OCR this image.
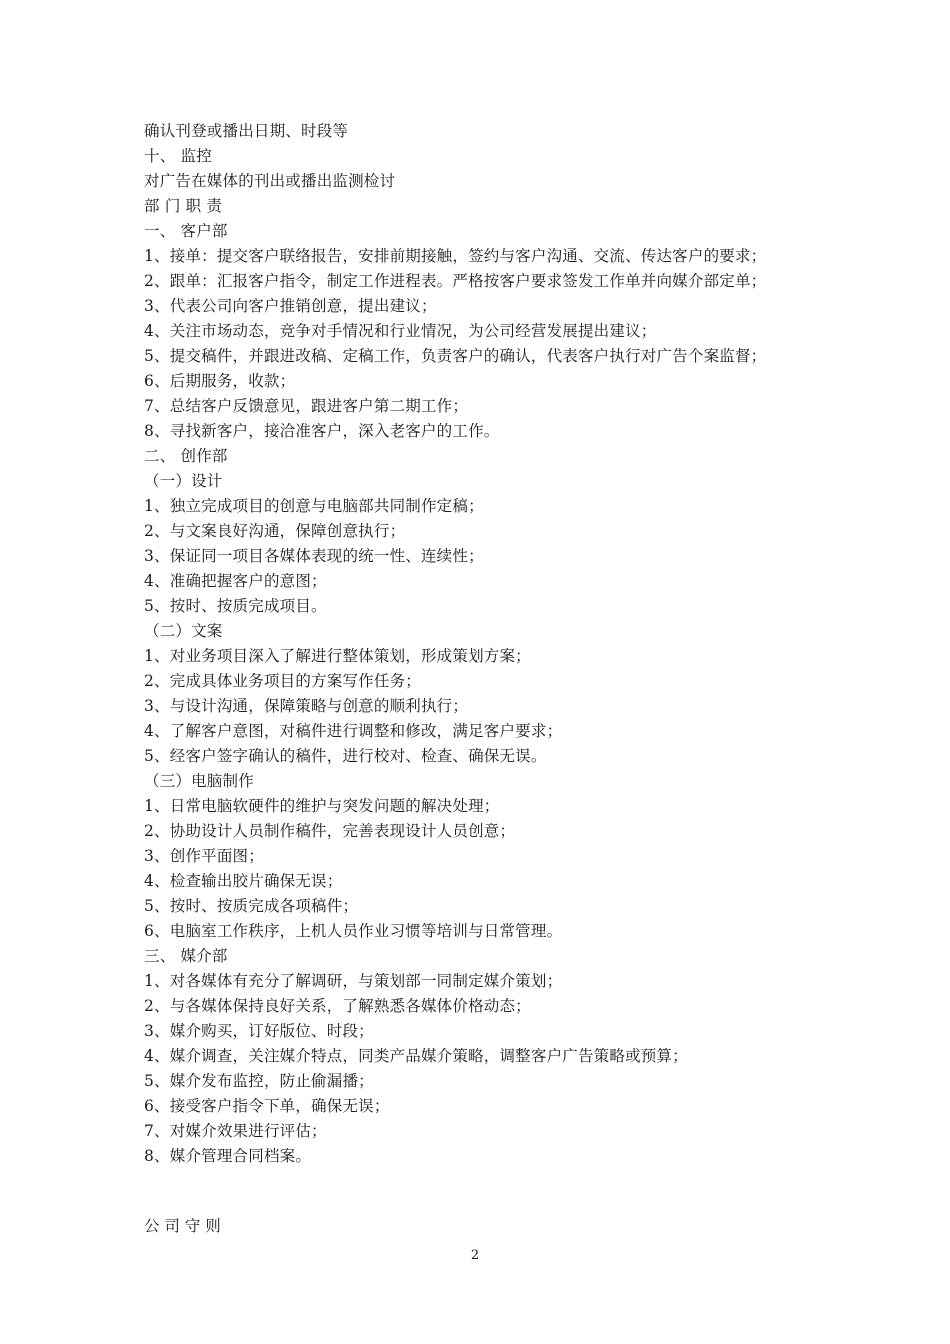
确认刊登或播出日期、时段等
十、 监控
对广告在媒体的刊出或播出监测检讨
部 门 职 责
一、 客户部
1、接单：提交客户联络报告，安排前期接触，签约与客户沟通、交流、传达客户的要求；
2、跟单：汇报客户指令，制定工作进程表。严格按客户要求签发工作单并向媒介部定单；
3、代表公司向客户推销创意，提出建议；
4、关注市场动态，竞争对手情况和行业情况，为公司经营发展提出建议；
5、提交稿件，并跟进改稿、定稿工作，负责客户的确认，代表客户执行对广告个案监督；
6、后期服务，收款；
7、总结客户反馈意见，跟进客户第二期工作；
8、寻找新客户，接洽准客户，深入老客户的工作。
二、 创作部
（一）设计
1、独立完成项目的创意与电脑部共同制作定稿；
2、与文案良好沟通，保障创意执行；
3、保证同一项目各媒体表现的统一性、连续性；
4、准确把握客户的意图；
5、按时、按质完成项目。
（二）文案
1、对业务项目深入了解进行整体策划，形成策划方案；
2、完成具体业务项目的方案写作任务；
3、与设计沟通，保障策略与创意的顺利执行；
4、了解客户意图，对稿件进行调整和修改，满足客户要求；
5、经客户签字确认的稿件，进行校对、检查、确保无误。
（三）电脑制作
1、日常电脑软硬件的维护与突发问题的解决处理；
2、协助设计人员制作稿件，完善表现设计人员创意；
3、创作平面图；
4、检查输出胶片确保无误；
5、按时、按质完成各项稿件；
6、电脑室工作秩序，上机人员作业习惯等培训与日常管理。
三、 媒介部
1、对各媒体有充分了解调研，与策划部一同制定媒介策划；
2、与各媒体保持良好关系，了解熟悉各媒体价格动态；
3、媒介购买，订好版位、时段；
4、媒介调查，关注媒介特点，同类产品媒介策略，调整客户广告策略或预算；
5、媒介发布监控，防止偷漏播；
6、接受客户指令下单，确保无误；
7、对媒介效果进行评估；
8、媒介管理合同档案。
公 司 守 则
2
